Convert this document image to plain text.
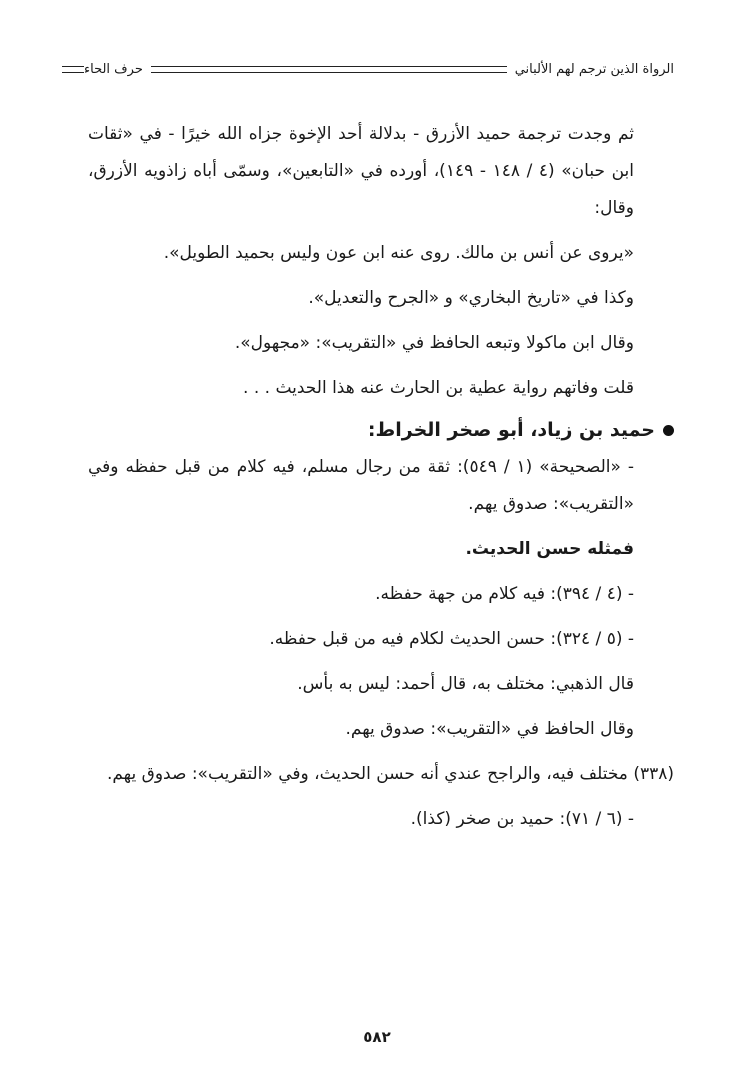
الرواة الذين ترجم لهم الألباني
حرف الحاء

ثم وجدت ترجمة حميد الأزرق - بدلالة أحد الإخوة جزاه الله خيرًا - في «ثقات ابن حبان» (٤ / ١٤٨ - ١٤٩)، أورده في «التابعين»، وسمّى أباه زاذويه الأزرق، وقال:

«يروى عن أنس بن مالك. روى عنه ابن عون وليس بحميد الطويل».

وكذا في «تاريخ البخاري» و «الجرح والتعديل».

وقال ابن ماكولا وتبعه الحافظ في «التقريب»: «مجهول».

قلت وفاتهم رواية عطية بن الحارث عنه هذا الحديث . . .

حميد بن زياد، أبو صخر الخراط:

- «الصحيحة» (١ / ٥٤٩): ثقة من رجال مسلم، فيه كلام من قبل حفظه وفي «التقريب»: صدوق يهم.

فمثله حسن الحديث.

- (٤ / ٣٩٤): فيه كلام من جهة حفظه.

- (٥ / ٣٢٤): حسن الحديث لكلام فيه من قبل حفظه.

قال الذهبي: مختلف به، قال أحمد: ليس به بأس.

وقال الحافظ في «التقريب»: صدوق يهم.

(٣٣٨) مختلف فيه، والراجح عندي أنه حسن الحديث، وفي «التقريب»: صدوق يهم.

- (٦ / ٧١): حميد بن صخر (كذا).

٥٨٢
